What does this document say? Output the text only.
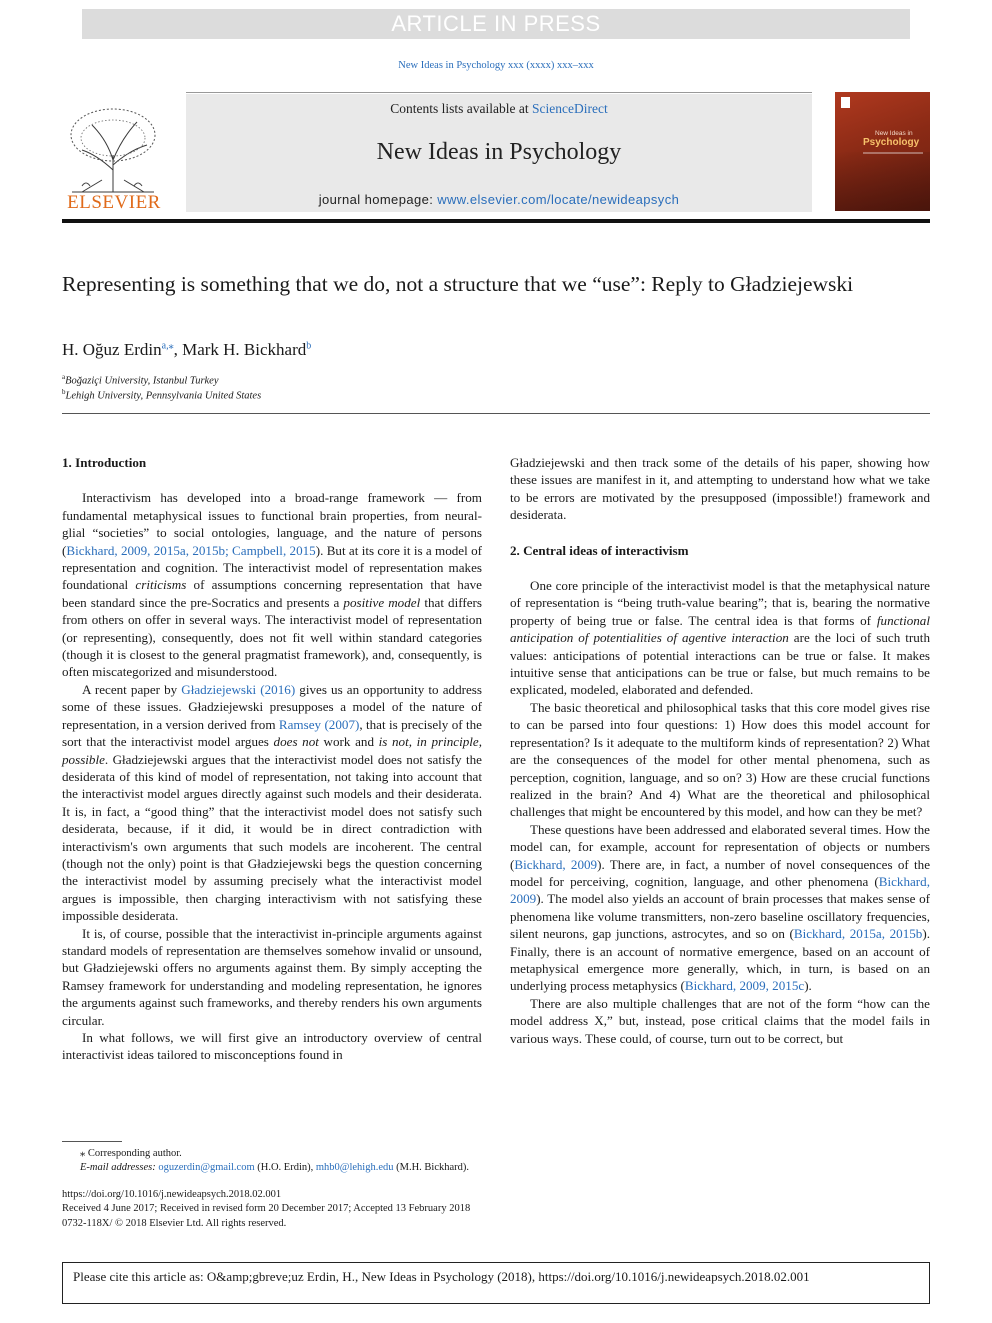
ARTICLE IN PRESS
New Ideas in Psychology xxx (xxxx) xxx–xxx
ELSEVIER
Contents lists available at ScienceDirect
New Ideas in Psychology
journal homepage: www.elsevier.com/locate/newideapsych
New Ideas in
Psychology
Representing is something that we do, not a structure that we “use”: Reply to Gładziejewski
H. Oğuz Erdin$^{a,⁎}$, Mark H. Bickhard$^b$
$^a$Boğaziçi University, Istanbul Turkey
$^b$Lehigh University, Pennsylvania United States
1. Introduction

Interactivism has developed into a broad-range framework — from fundamental metaphysical issues to functional brain properties, from neural-glial “societies” to social ontologies, language, and the nature of persons (Bickhard, 2009, 2015a, 2015b; Campbell, 2015). But at its core it is a model of representation and cognition. The interactivist model of representation makes foundational criticisms of assumptions concerning representation that have been standard since the pre-Socratics and presents a positive model that differs from others on offer in several ways. The interactivist model of representation (or representing), consequently, does not fit well within standard categories (though it is closest to the general pragmatist framework), and, consequently, is often miscategorized and misunderstood.

A recent paper by Gładziejewski (2016) gives us an opportunity to address some of these issues. Gładziejewski presupposes a model of the nature of representation, in a version derived from Ramsey (2007), that is precisely of the sort that the interactivist model argues does not work and is not, in principle, possible. Gładziejewski argues that the interactivist model does not satisfy the desiderata of this kind of model of representation, not taking into account that the interactivist model argues directly against such models and their desiderata. It is, in fact, a “good thing” that the interactivist model does not satisfy such desiderata, because, if it did, it would be in direct contradiction with interactivism's own arguments that such models are incoherent. The central (though not the only) point is that Gładziejewski begs the question concerning the interactivist model by assuming precisely what the interactivist model argues is impossible, then charging interactivism with not satisfying these impossible desiderata.

It is, of course, possible that the interactivist in-principle arguments against standard models of representation are themselves somehow invalid or unsound, but Gładziejewski offers no arguments against them. By simply accepting the Ramsey framework for understanding and modeling representation, he ignores the arguments against such frameworks, and thereby renders his own arguments circular.

In what follows, we will first give an introductory overview of central interactivist ideas tailored to misconceptions found in

Gładziejewski and then track some of the details of his paper, showing how these issues are manifest in it, and attempting to understand how what we take to be errors are motivated by the presupposed (impossible!) framework and desiderata.

2. Central ideas of interactivism

One core principle of the interactivist model is that the metaphysical nature of representation is “being truth-value bearing”; that is, bearing the normative property of being true or false. The central idea is that forms of functional anticipation of potentialities of agentive interaction are the loci of such truth values: anticipations of potential interactions can be true or false. It makes intuitive sense that anticipations can be true or false, but much remains to be explicated, modeled, elaborated and defended.

The basic theoretical and philosophical tasks that this core model gives rise to can be parsed into four questions: 1) How does this model account for representation? Is it adequate to the multiform kinds of representation? 2) What are the consequences of the model for other mental phenomena, such as perception, cognition, language, and so on? 3) How are these crucial functions realized in the brain? And 4) What are the theoretical and philosophical challenges that might be encountered by this model, and how can they be met?

These questions have been addressed and elaborated several times. How the model can, for example, account for representation of objects or numbers (Bickhard, 2009). There are, in fact, a number of novel consequences of the model for perceiving, cognition, language, and other phenomena (Bickhard, 2009). The model also yields an account of brain processes that makes sense of phenomena like volume transmitters, non-zero baseline oscillatory frequencies, silent neurons, gap junctions, astrocytes, and so on (Bickhard, 2015a, 2015b). Finally, there is an account of normative emergence, based on an account of metaphysical emergence more generally, which, in turn, is based on an underlying process metaphysics (Bickhard, 2009, 2015c).

There are also multiple challenges that are not of the form “how can the model address X,” but, instead, pose critical claims that the model fails in various ways. These could, of course, turn out to be correct, but

⁎ Corresponding author.
E-mail addresses: oguzerdin@gmail.com (H.O. Erdin), mhb0@lehigh.edu (M.H. Bickhard).
https://doi.org/10.1016/j.newideapsych.2018.02.001
Received 4 June 2017; Received in revised form 20 December 2017; Accepted 13 February 2018
0732-118X/ © 2018 Elsevier Ltd. All rights reserved.
Please cite this article as: O&amp;gbreve;uz Erdin, H., New Ideas in Psychology (2018), https://doi.org/10.1016/j.newideapsych.2018.02.001
